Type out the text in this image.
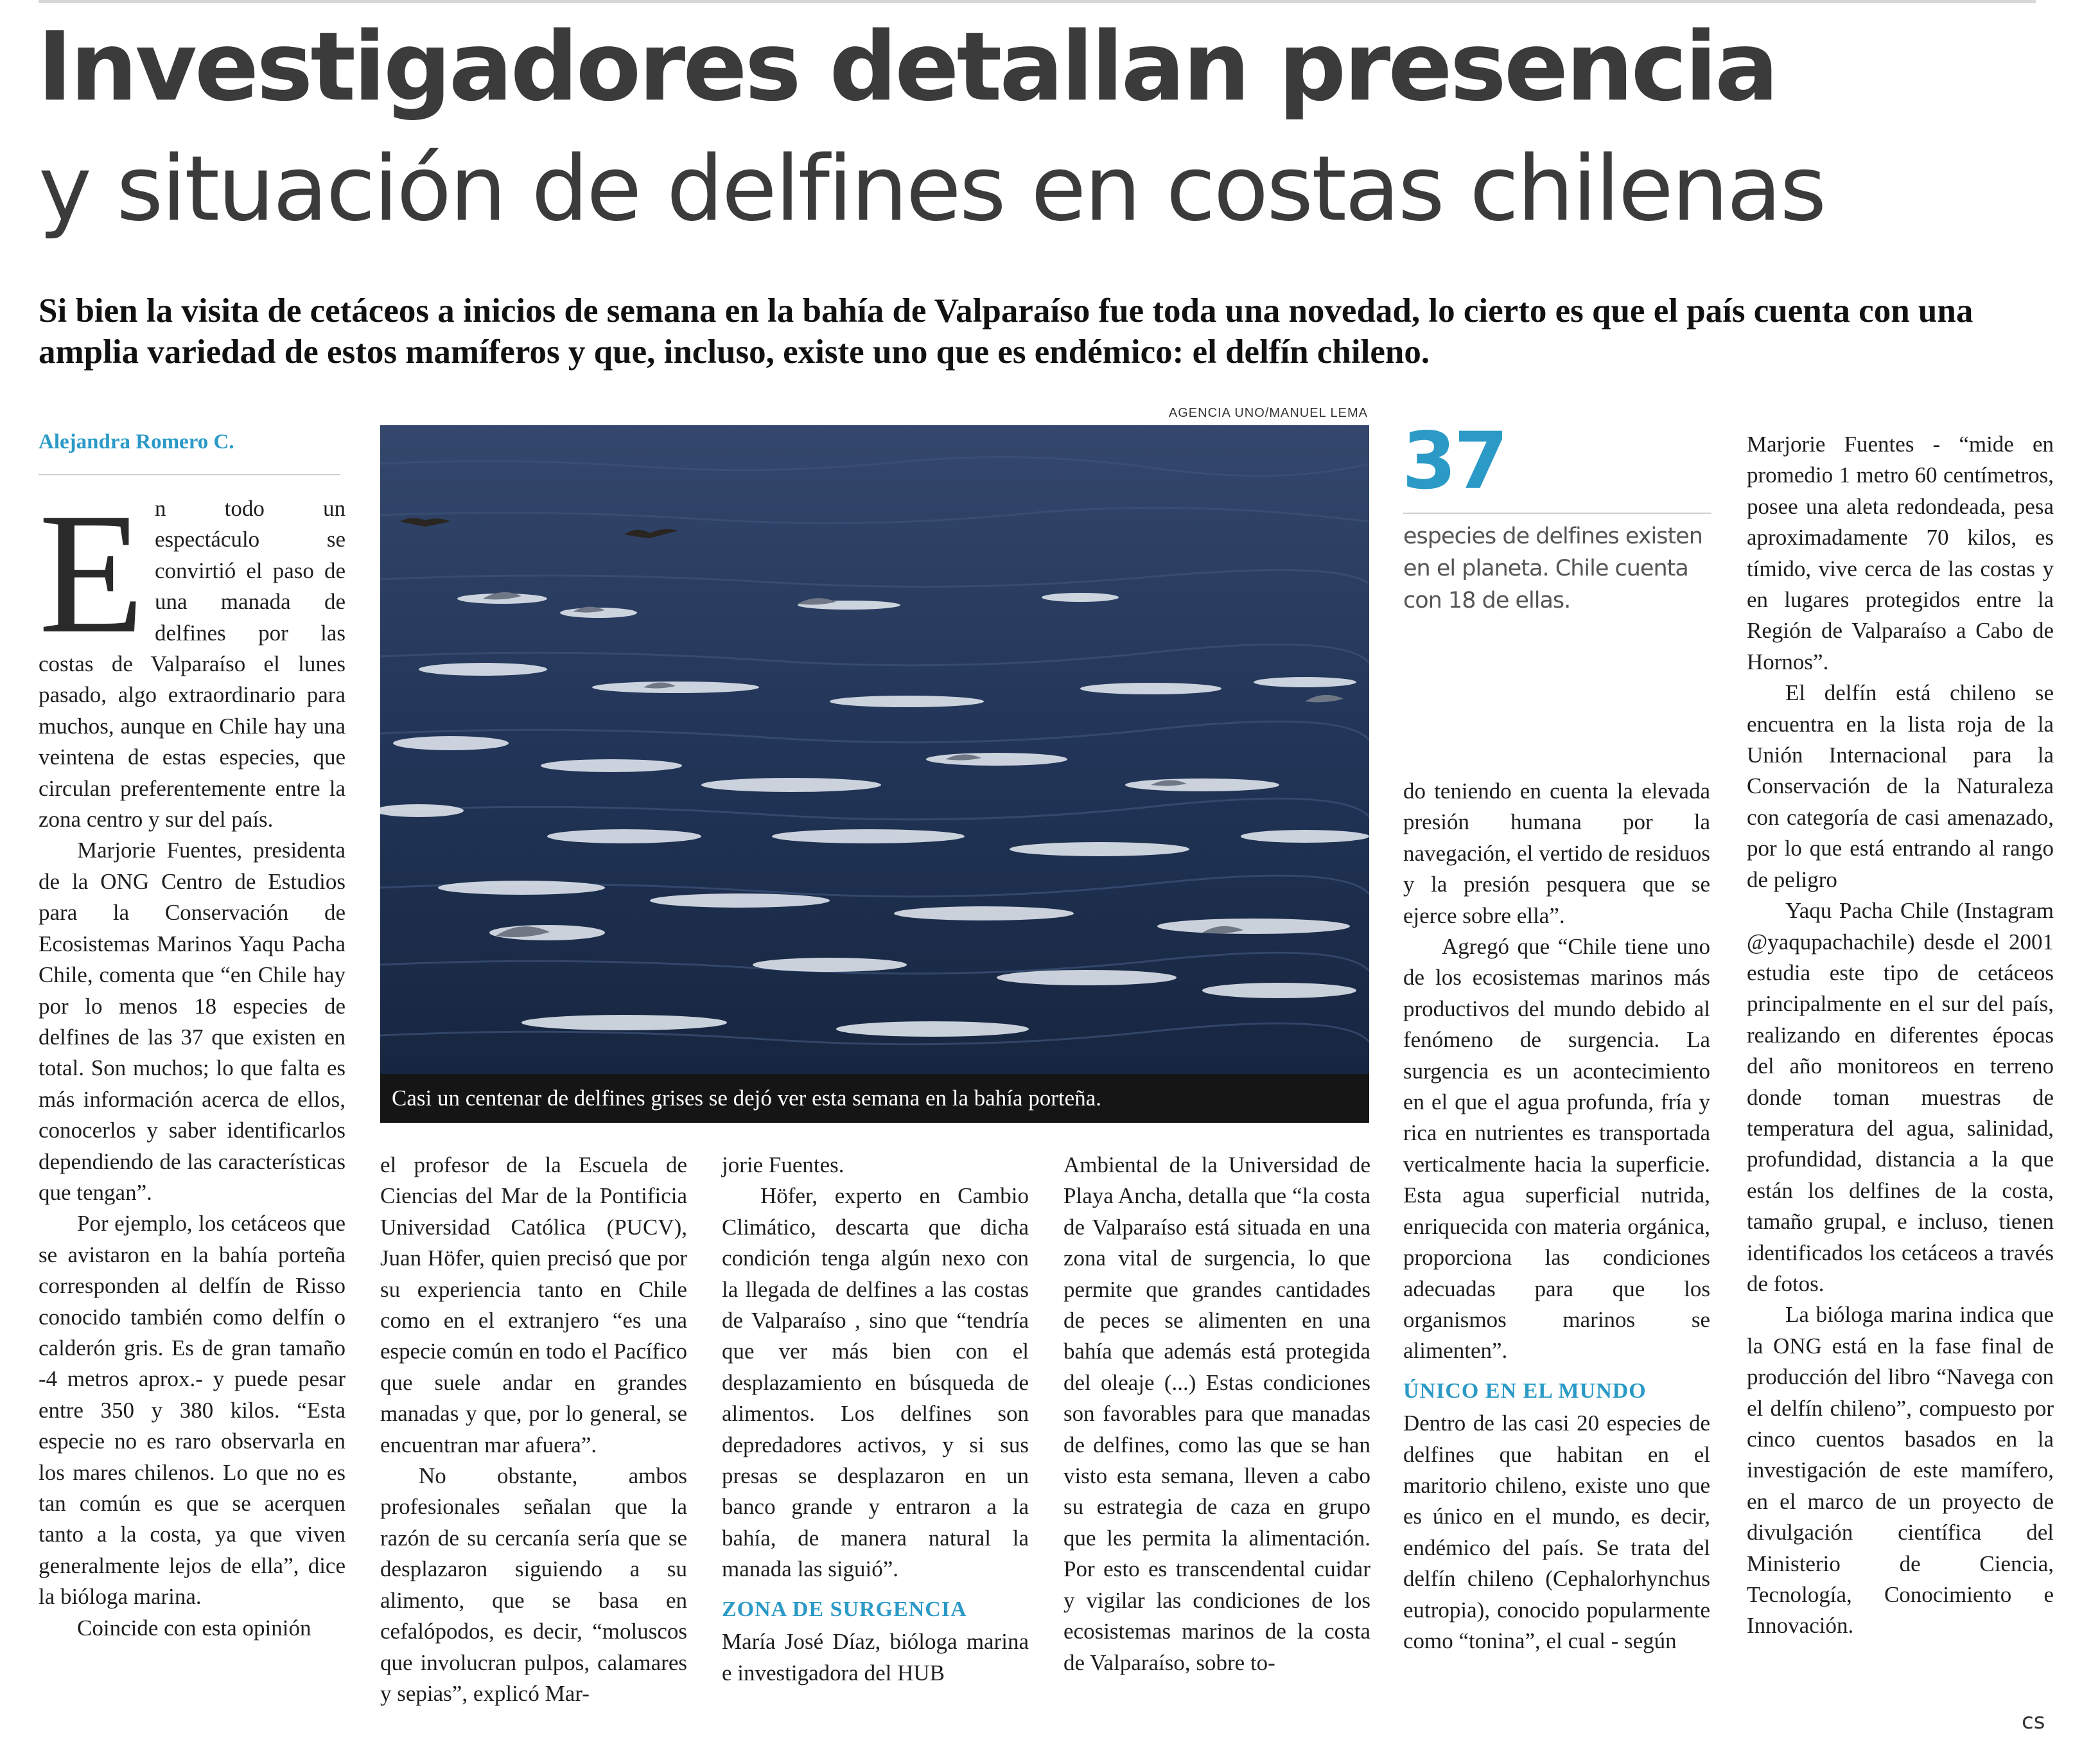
Investigadores detallan presencia
y situación de delfines en costas chilenas

Si bien la visita de cetáceos a inicios de semana en la bahía de Valparaíso fue toda una novedad, lo cierto es que el país cuenta con una amplia variedad de estos mamíferos y que, incluso, existe uno que es endémico: el delfín chileno.

Alejandra Romero C.

En todo un espectáculo se convirtió el paso de una manada de delfines por las costas de Valparaíso el lunes pasado, algo extraordinario para muchos, aunque en Chile hay una veintena de estas especies, que circulan preferentemente entre la zona centro y sur del país.

Marjorie Fuentes, presidenta de la ONG Centro de Estudios para la Conservación de Ecosistemas Marinos Yaqu Pacha Chile, comenta que “en Chile hay por lo menos 18 especies de delfines de las 37 que existen en total. Son muchos; lo que falta es más información acerca de ellos, conocerlos y saber identificarlos dependiendo de las características que tengan”.

Por ejemplo, los cetáceos que se avistaron en la bahía porteña corresponden al delfín de Risso conocido también como delfín o calderón gris. Es de gran tamaño -4 metros aprox.- y puede pesar entre 350 y 380 kilos. “Esta especie no es raro observarla en los mares chilenos. Lo que no es tan común es que se acerquen tanto a la costa, ya que viven generalmente lejos de ella”, dice la bióloga marina.

Coincide con esta opinión

AGENCIA UNO/MANUEL LEMA
Casi un centenar de delfines grises se dejó ver esta semana en la bahía porteña.
37
especies de delfines existen en el planeta. Chile cuenta con 18 de ellas.

el profesor de la Escuela de Ciencias del Mar de la Pontificia Universidad Católica (PUCV), Juan Höfer, quien precisó que por su experiencia tanto en Chile como en el extranjero “es una especie común en todo el Pacífico que suele andar en grandes manadas y que, por lo general, se encuentran mar afuera”.

No obstante, ambos profesionales señalan que la razón de su cercanía sería que se desplazaron siguiendo a su alimento, que se basa en cefalópodos, es decir, “moluscos que involucran pulpos, calamares y sepias”, explicó Mar-

jorie Fuentes.

Höfer, experto en Cambio Climático, descarta que dicha condición tenga algún nexo con la llegada de delfines a las costas de Valparaíso , sino que “tendría que ver más bien con el desplazamiento en búsqueda de alimentos. Los delfines son depredadores activos, y si sus presas se desplazaron en un banco grande y entraron a la bahía, de manera natural la manada las siguió”.

ZONA DE SURGENCIA

María José Díaz, bióloga marina e investigadora del HUB

Ambiental de la Universidad de Playa Ancha, detalla que “la costa de Valparaíso está situada en una zona vital de surgencia, lo que permite que grandes cantidades de peces se alimenten en una bahía que además está protegida del oleaje (...) Estas condiciones son favorables para que manadas de delfines, como las que se han visto esta semana, lleven a cabo su estrategia de caza en grupo que les permita la alimentación. Por esto es transcendental cuidar y vigilar las condiciones de los ecosistemas marinos de la costa de Valparaíso, sobre to-

do teniendo en cuenta la elevada presión humana por la navegación, el vertido de residuos y la presión pesquera que se ejerce sobre ella”.

Agregó que “Chile tiene uno de los ecosistemas marinos más productivos del mundo debido al fenómeno de surgencia. La surgencia es un acontecimiento en el que el agua profunda, fría y rica en nutrientes es transportada verticalmente hacia la superficie. Esta agua superficial nutrida, enriquecida con materia orgánica, proporciona las condiciones adecuadas para que los organismos marinos se alimenten”.

ÚNICO EN EL MUNDO

Dentro de las casi 20 especies de delfines que habitan en el maritorio chileno, existe uno que es único en el mundo, es decir, endémico del país. Se trata del delfín chileno (Cephalorhynchus eutropia), conocido popularmente como “tonina”, el cual - según

Marjorie Fuentes - “mide en promedio 1 metro 60 centímetros, posee una aleta redondeada, pesa aproximadamente 70 kilos, es tímido, vive cerca de las costas y en lugares protegidos entre la Región de Valparaíso a Cabo de Hornos”.

El delfín está chileno se encuentra en la lista roja de la Unión Internacional para la Conservación de la Naturaleza con categoría de casi amenazado, por lo que está entrando al rango de peligro

Yaqu Pacha Chile (Instagram @yaqupachachile) desde el 2001 estudia este tipo de cetáceos principalmente en el sur del país, realizando en diferentes épocas del año monitoreos en terreno donde toman muestras de temperatura del agua, salinidad, profundidad, distancia a la que están los delfines de la costa, tamaño grupal, e incluso, tienen identificados los cetáceos a través de fotos.

La bióloga marina indica que la ONG está en la fase final de producción del libro “Navega con el delfín chileno”, compuesto por cinco cuentos basados en la investigación de este mamífero, en el marco de un proyecto de divulgación científica del Ministerio de Ciencia, Tecnología, Conocimiento e Innovación.

cs
